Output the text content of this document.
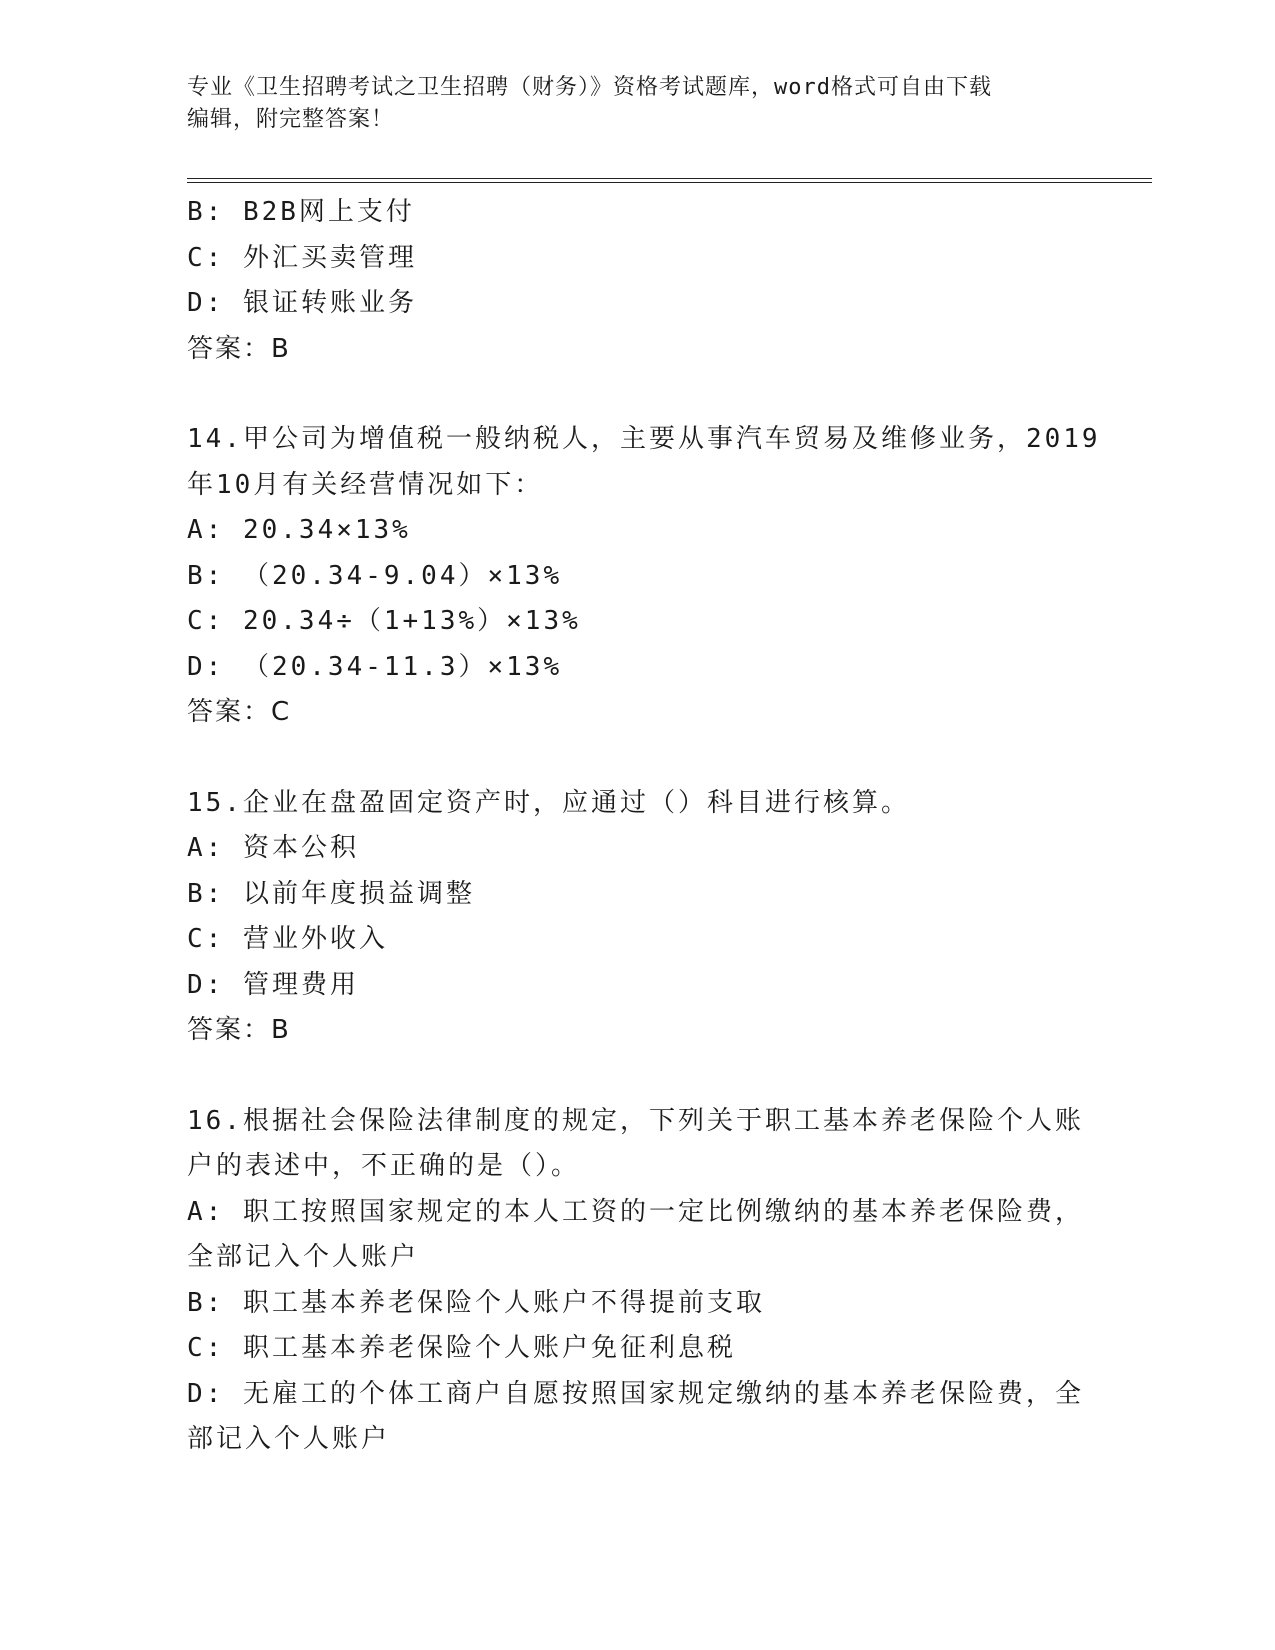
专业《卫生招聘考试之卫生招聘（财务）》资格考试题库，word格式可自由下载
编辑，附完整答案！
B: B2B网上支付
C: 外汇买卖管理
D: 银证转账业务
答案：B
14.甲公司为增值税一般纳税人，主要从事汽车贸易及维修业务，2019
年10月有关经营情况如下：
A: 20.34×13%
B: （20.34-9.04）×13%
C: 20.34÷（1+13%）×13%
D: （20.34-11.3）×13%
答案：C
15.企业在盘盈固定资产时，应通过（）科目进行核算。
A: 资本公积
B: 以前年度损益调整
C: 营业外收入
D: 管理费用
答案：B
16.根据社会保险法律制度的规定，下列关于职工基本养老保险个人账
户的表述中，不正确的是（）。
A: 职工按照国家规定的本人工资的一定比例缴纳的基本养老保险费，
全部记入个人账户
B: 职工基本养老保险个人账户不得提前支取
C: 职工基本养老保险个人账户免征利息税
D: 无雇工的个体工商户自愿按照国家规定缴纳的基本养老保险费，全
部记入个人账户
